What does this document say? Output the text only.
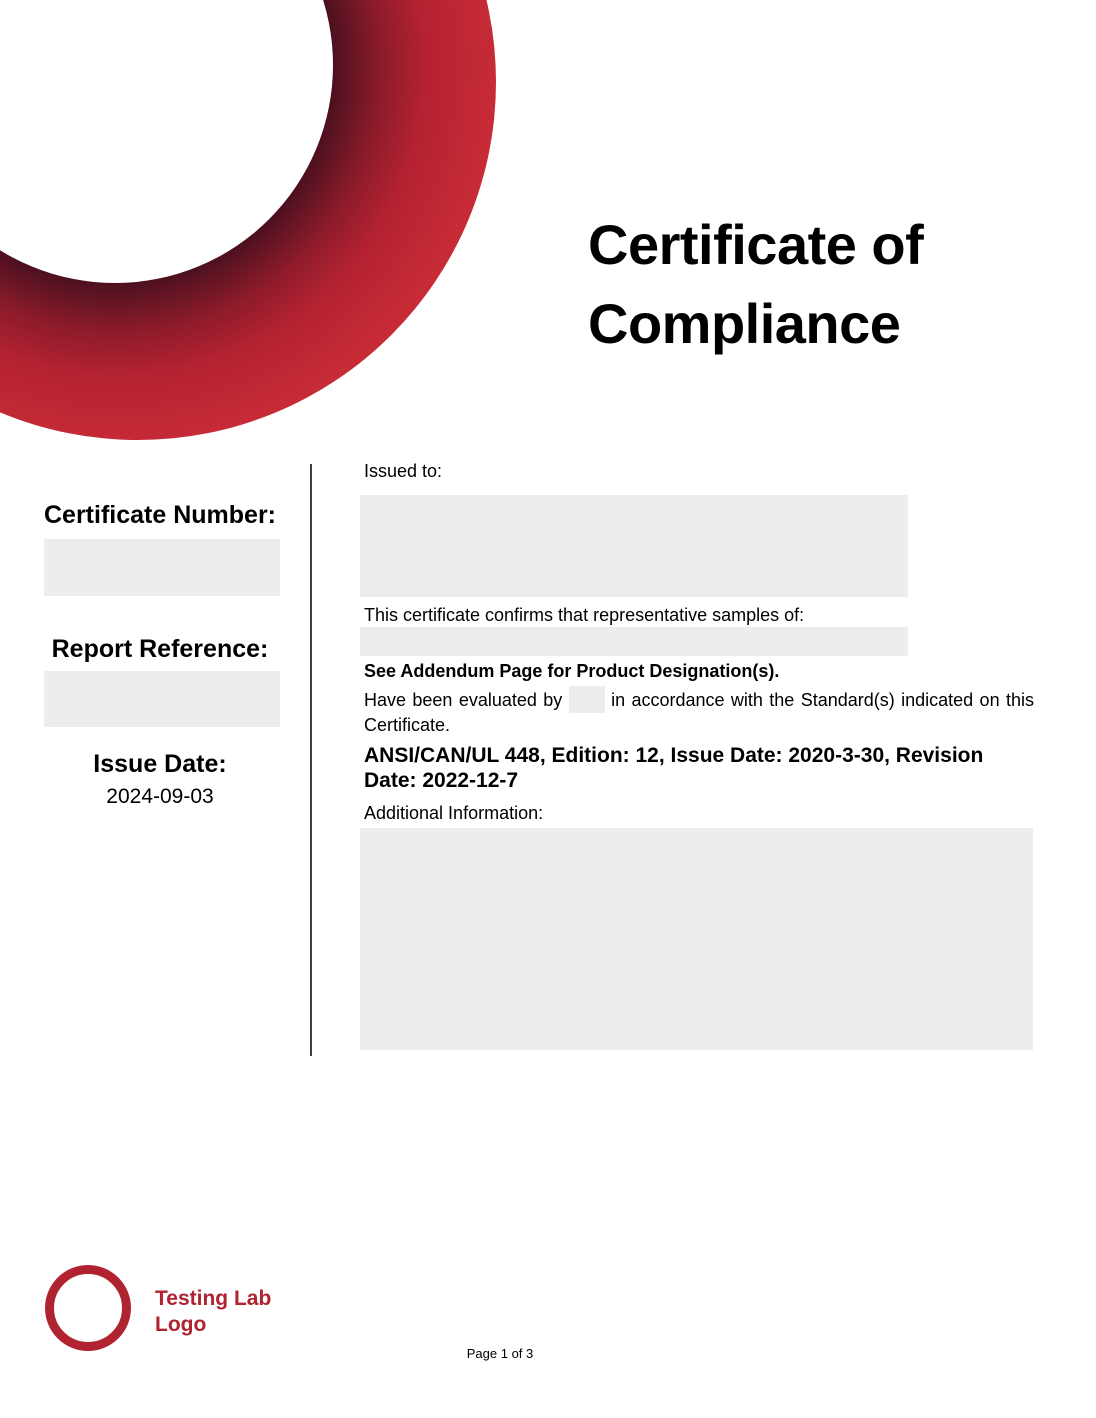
Certificate of
Compliance
Certificate Number:
Report Reference:
Issue Date:
2024-09-03
Issued to:
This certificate confirms that representative samples of:
See Addendum Page for Product Designation(s).
Have been evaluated by	in accordance with the Standard(s) indicated on this
Certificate.
ANSI/CAN/UL 448, Edition: 12, Issue Date: 2020-3-30, Revision
Date: 2022-12-7
Additional Information:
Testing Lab
Logo
Page 1 of 3
